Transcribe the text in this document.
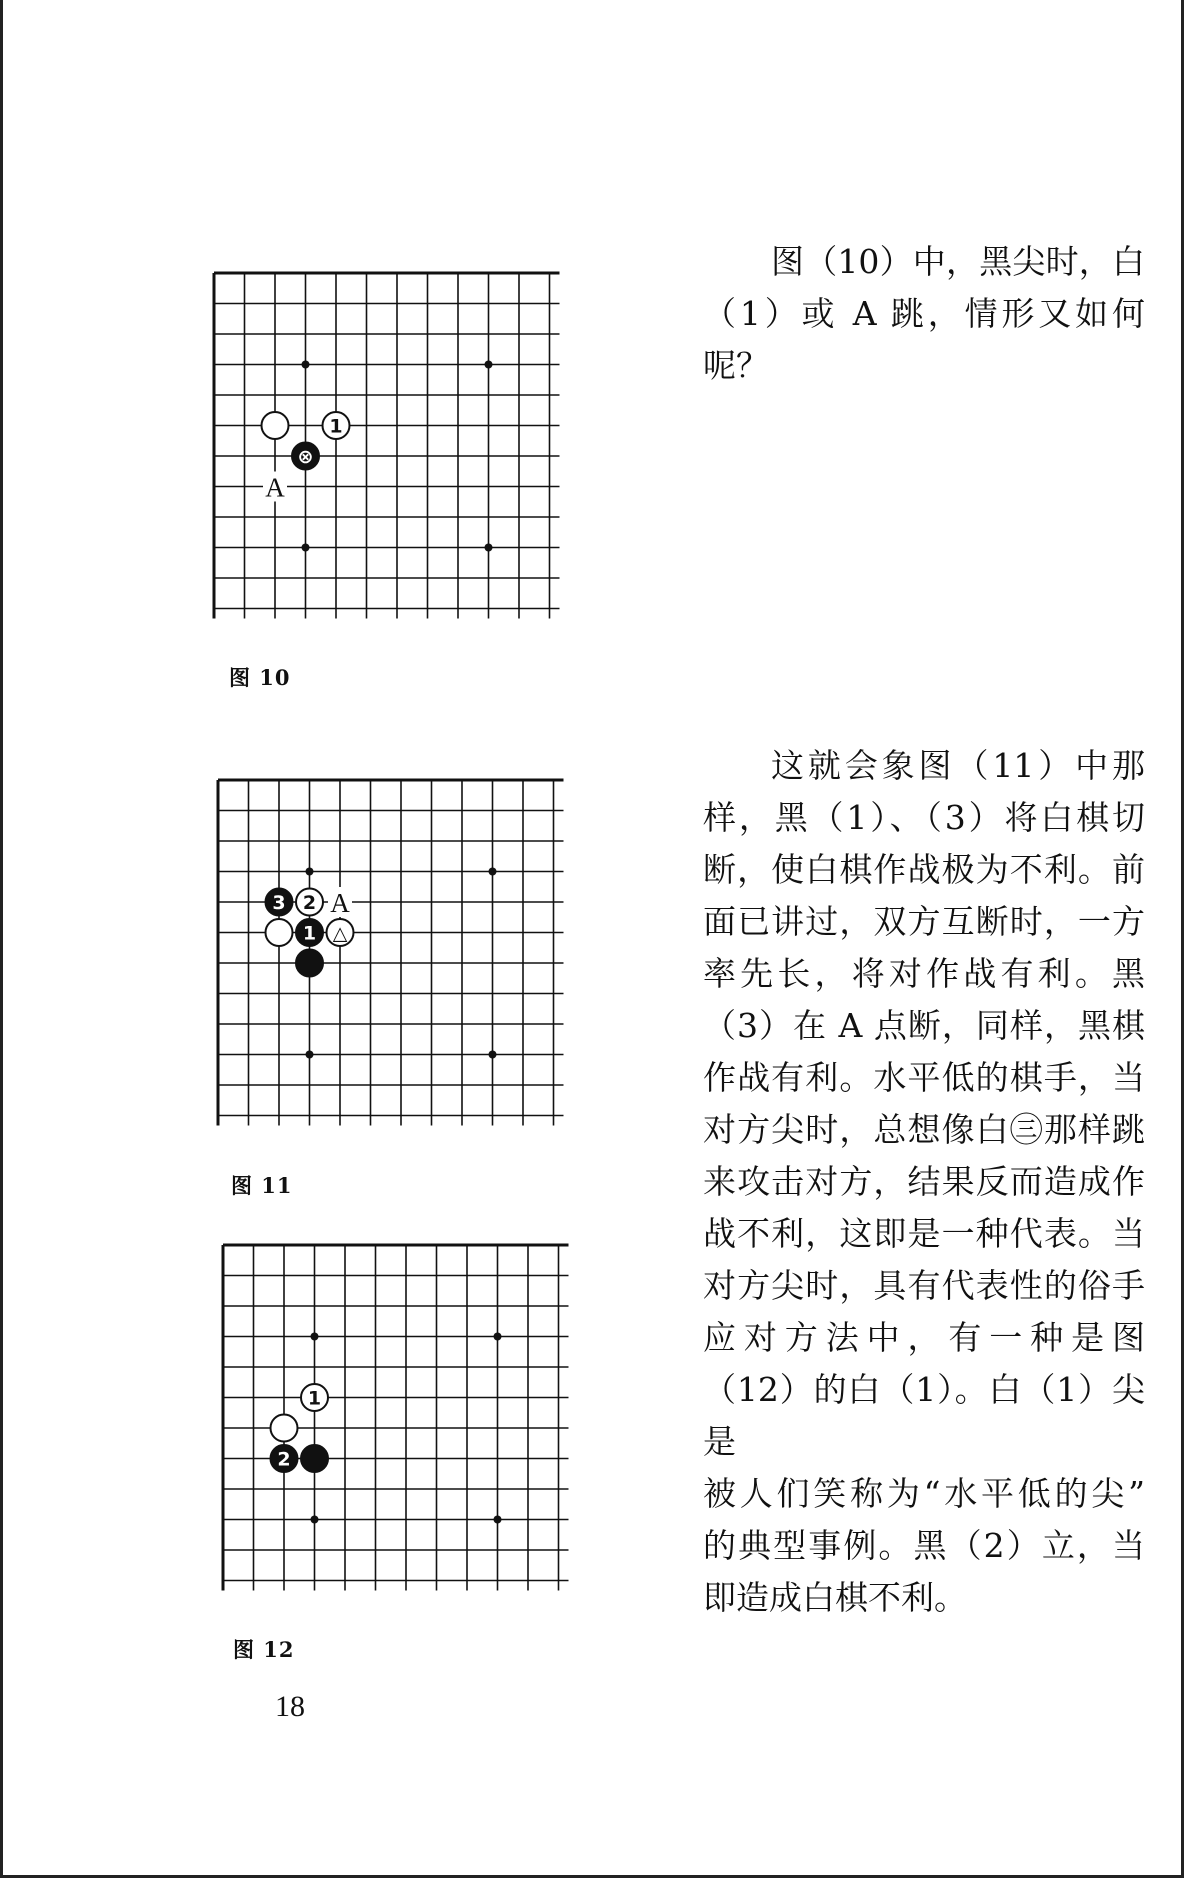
A
1
⊗
图 10
A
3 2
1 △
图 11
1
2
图 12

图（10）中，黑尖时，白

（1）或 A 跳，情形又如何呢？

这就会象图（11）中那

样，黑（1）、（3）将白棋切

断，使白棋作战极为不利。前

面已讲过，双方互断时，一方

率先长，将对作战有利。黑

（3）在 A 点断，同样，黑棋

作战有利。水平低的棋手，当

对方尖时，总想像白㊂那样跳

来攻击对方，结果反而造成作

战不利，这即是一种代表。当

对方尖时，具有代表性的俗手

应对方法中，有一种是图

（12）的白（1）。白（1）尖是

被人们笑称为“水平低的尖”

的典型事例。黑（2）立，当

即造成白棋不利。

18
